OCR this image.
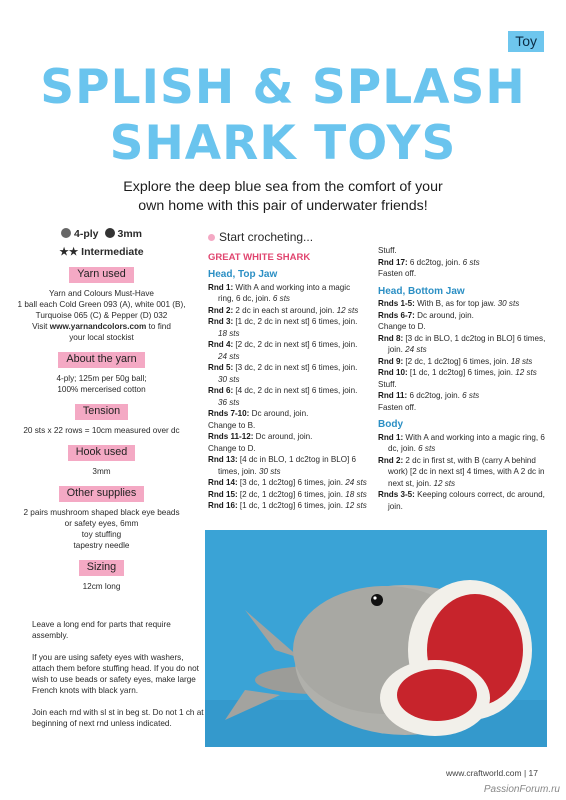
Toy
SPLISH & SPLASH
SHARK TOYS
Explore the deep blue sea from the comfort of your
own home with this pair of underwater friends!
4-ply	3mm
★★ Intermediate
Yarn used
Yarn and Colours Must-Have
1 ball each Cold Green 093 (A), white 001 (B),
Turquoise 065 (C) & Pepper (D) 032
Visit www.yarnandcolors.com to find
your local stockist
About the yarn
4-ply; 125m per 50g ball;
100% mercerised cotton
Tension
20 sts x 22 rows = 10cm measured over dc
Hook used
3mm
Other supplies
2 pairs mushroom shaped black eye beads
or safety eyes, 6mm
toy stuffing
tapestry needle
Sizing
12cm long

Leave a long end for parts that require assembly.

If you are using safety eyes with washers, attach them before stuffing head. If you do not wish to use beads or safety eyes, make large French knots with black yarn.

Join each rnd with sl st in beg st. Do not 1 ch at beginning of next rnd unless indicated.

Start crocheting...
GREAT WHITE SHARK
Head, Top Jaw
Rnd 1: With A and working into a magic ring, 6 dc, join. 6 sts
Rnd 2: 2 dc in each st around, join. 12 sts
Rnd 3: [1 dc, 2 dc in next st] 6 times, join. 18 sts
Rnd 4: [2 dc, 2 dc in next st] 6 times, join. 24 sts
Rnd 5: [3 dc, 2 dc in next st] 6 times, join. 30 sts
Rnd 6: [4 dc, 2 dc in next st] 6 times, join. 36 sts
Rnds 7-10: Dc around, join.
Change to B.
Rnds 11-12: Dc around, join.
Change to D.
Rnd 13: [4 dc in BLO, 1 dc2tog in BLO] 6 times, join. 30 sts
Rnd 14: [3 dc, 1 dc2tog] 6 times, join. 24 sts
Rnd 15: [2 dc, 1 dc2tog] 6 times, join. 18 sts
Rnd 16: [1 dc, 1 dc2tog] 6 times, join. 12 sts
Stuff.
Rnd 17: 6 dc2tog, join. 6 sts
Fasten off.
Head, Bottom Jaw
Rnds 1-5: With B, as for top jaw. 30 sts
Rnds 6-7: Dc around, join.
Change to D.
Rnd 8: [3 dc in BLO, 1 dc2tog in BLO] 6 times, join. 24 sts
Rnd 9: [2 dc, 1 dc2tog] 6 times, join. 18 sts
Rnd 10: [1 dc, 1 dc2tog] 6 times, join. 12 sts
Stuff.
Rnd 11: 6 dc2tog, join. 6 sts
Fasten off.
Body
Rnd 1: With A and working into a magic ring, 6 dc, join. 6 sts
Rnd 2: 2 dc in first st, with B (carry A behind work) [2 dc in next st] 4 times, with A 2 dc in next st, join. 12 sts
Rnds 3-5: Keeping colours correct, dc around, join.
www.craftworld.com | 17
PassionForum.ru
